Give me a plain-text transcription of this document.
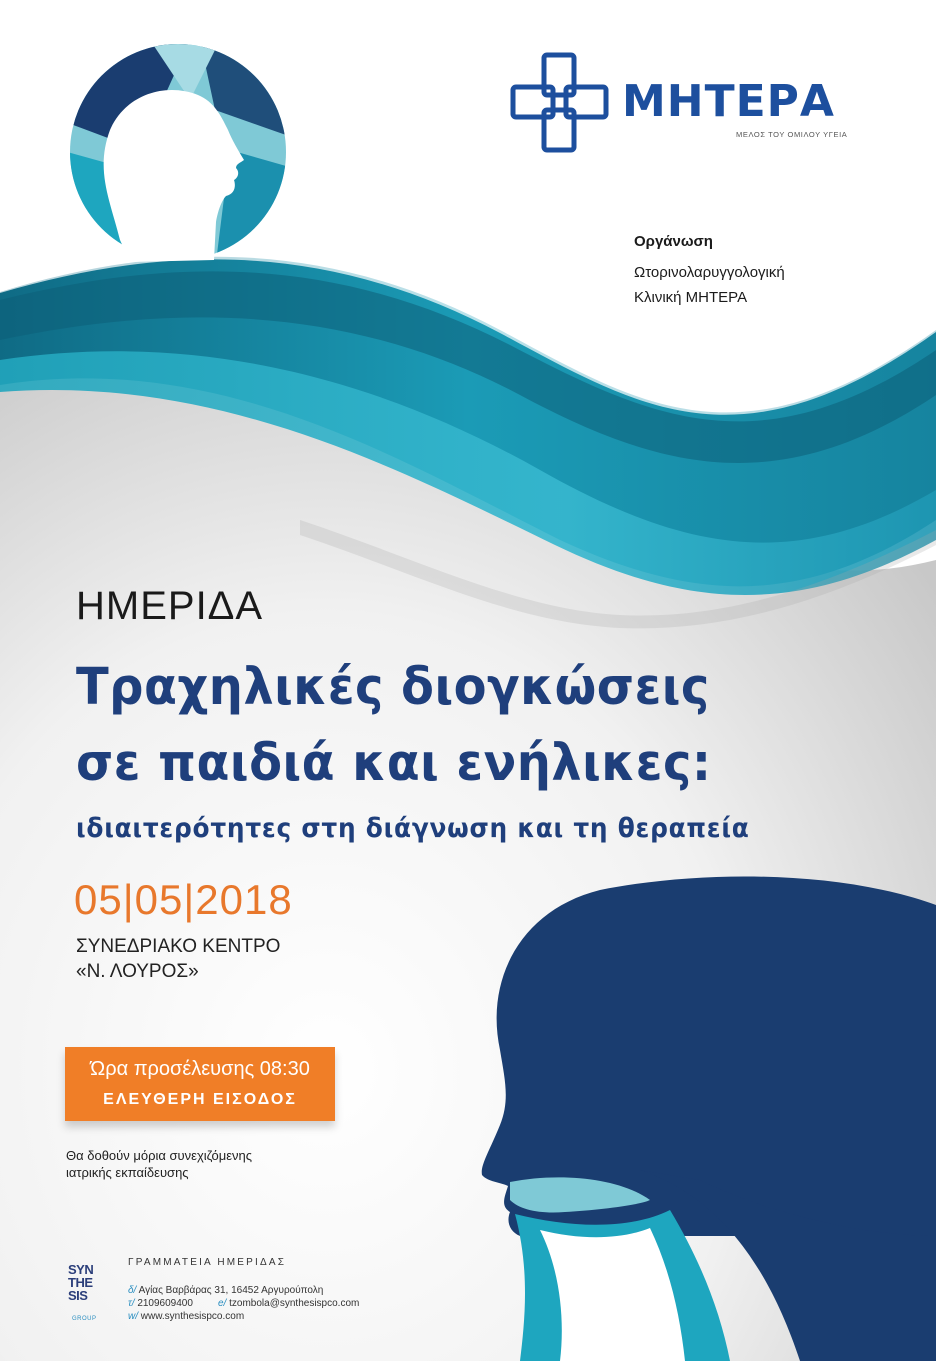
ΜΗΤΕΡΑ
ΜΕΛΟΣ ΤΟΥ ΟΜΙΛΟΥ ΥΓΕΙΑ
Οργάνωση
Ωτορινολαρυγγολογική
Κλινική ΜΗΤΕΡΑ
ΗΜΕΡΙΔΑ
Τραχηλικές διογκώσεις
σε παιδιά και ενήλικες:
ιδιαιτερότητες στη διάγνωση και τη θεραπεία
05|05|2018
ΣΥΝΕΔΡΙΑΚΟ ΚΕΝΤΡΟ
«Ν. ΛΟΥΡΟΣ»
Ώρα προσέλευσης 08:30
ΕΛΕΥΘΕΡΗ ΕΙΣΟΔΟΣ
Θα δοθούν μόρια συνεχιζόμενης
ιατρικής εκπαίδευσης
SYN
THE
SIS
GROUP
ΓΡΑΜΜΑΤΕΙΑ ΗΜΕΡΙΔΑΣ
δ/ Αγίας Βαρβάρας 31, 16452 Αργυρούπολη
τ/ 2109609400	e/ tzombola@synthesispco.com
w/ www.synthesispco.com
